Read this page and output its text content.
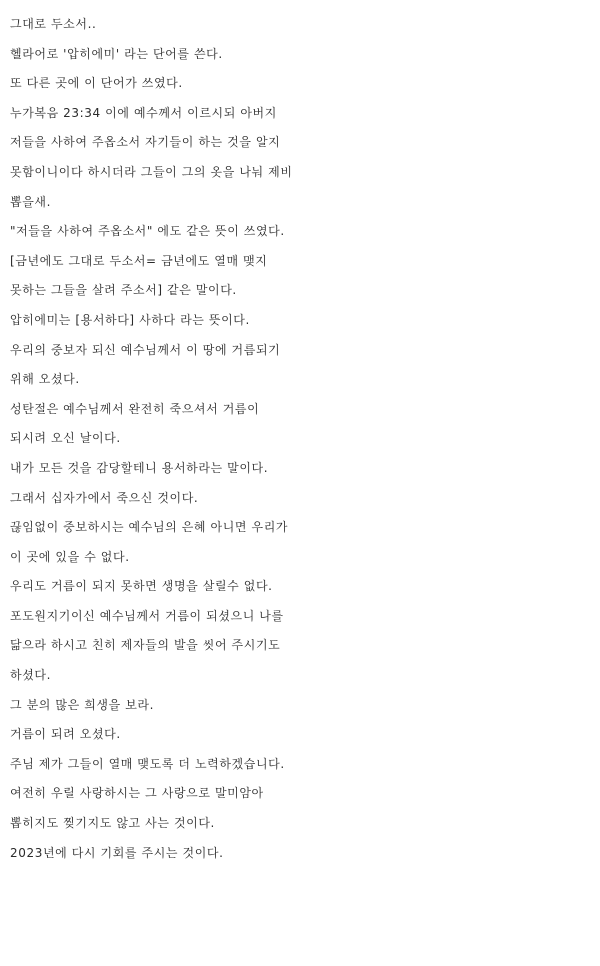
그대로 두소서..
헬라어로 '압히에미' 라는 단어를 쓴다.
또 다른 곳에 이 단어가 쓰였다.
누가복음 23:34 이에 예수께서 이르시되 아버지
저들을 사하여 주옵소서 자기들이 하는 것을 알지
못함이니이다 하시더라 그들이 그의 옷을 나눠 제비
뽑을새.
"저들을 사하여 주옵소서" 에도 같은 뜻이 쓰였다.
[금년에도 그대로 두소서= 금년에도 열매 맺지
못하는 그들을 살려 주소서] 같은 말이다.
압히에미는 [용서하다] 사하다 라는 뜻이다.
우리의 중보자 되신 예수님께서 이 땅에 거름되기
위해 오셨다.
성탄절은 예수님께서 완전히 죽으셔서 거름이
되시려 오신 날이다.
내가 모든 것을 감당할테니 용서하라는 말이다.
그래서 십자가에서 죽으신 것이다.
끊임없이 중보하시는 예수님의 은혜 아니면 우리가
이 곳에 있을 수 없다.
우리도 거름이 되지 못하면 생명을 살릴수 없다.
포도원지기이신 예수님께서 거름이 되셨으니 나를
닮으라 하시고 친히 제자들의 발을 씻어 주시기도
하셨다.
그 분의 많은 희생을 보라.
거름이 되려 오셨다.
주님 제가 그들이 열매 맺도록 더 노력하겠습니다.
여전히 우릴 사랑하시는 그 사랑으로 말미암아
뽑히지도 찢기지도 않고 사는 것이다.
2023년에 다시 기회를 주시는 것이다.
